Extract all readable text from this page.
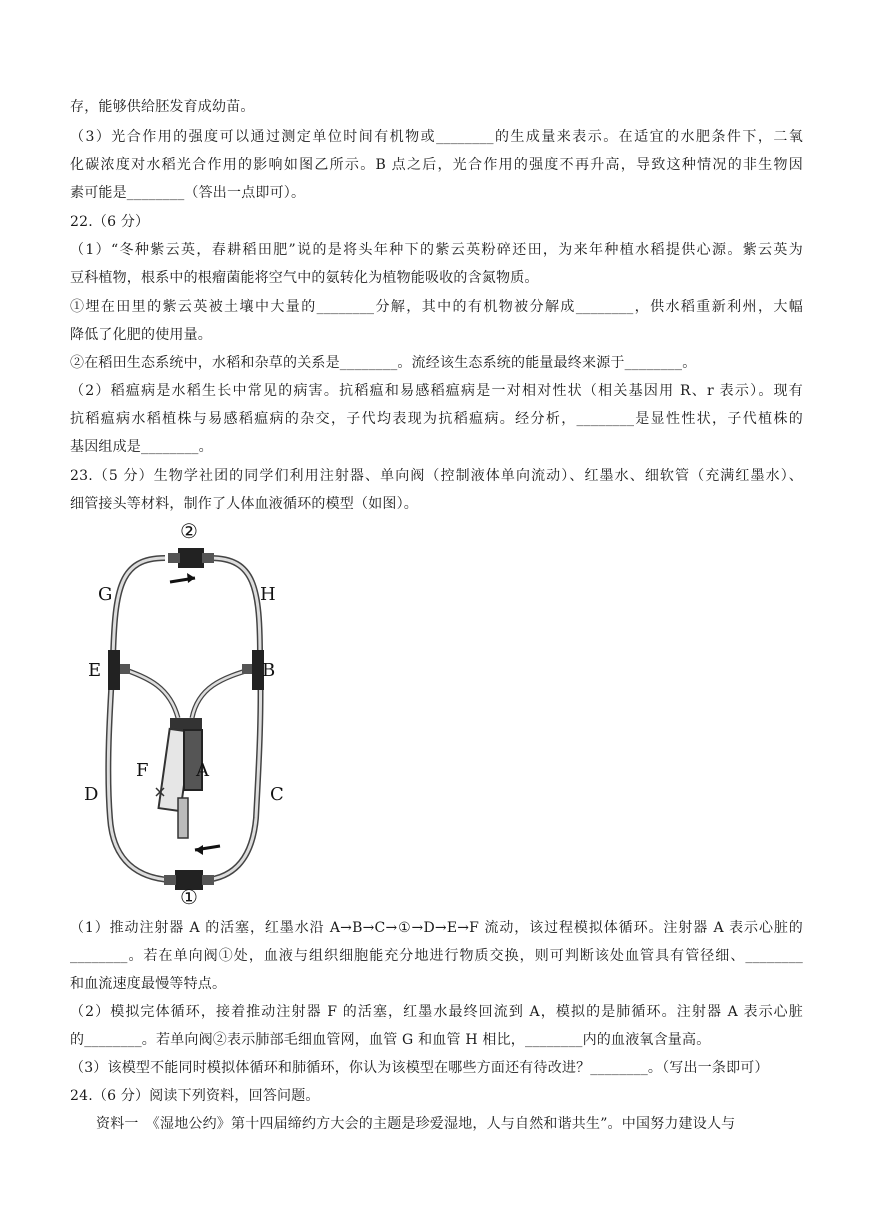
存，能够供给胚发育成幼苗。
（3）光合作用的强度可以通过测定单位时间有机物或________的生成量来表示。在适宜的水肥条件下，二氧
化碳浓度对水稻光合作用的影响如图乙所示。B 点之后，光合作用的强度不再升高，导致这种情况的非生物因
素可能是________（答出一点即可）。
22.（6 分）
（1）“冬种紫云英，春耕稻田肥”说的是将头年种下的紫云英粉碎还田，为来年种植水稻提供心源。紫云英为
豆科植物，根系中的根瘤菌能将空气中的氨转化为植物能吸收的含氮物质。
①埋在田里的紫云英被土壤中大量的________分解，其中的有机物被分解成________，供水稻重新利州，大幅
降低了化肥的使用量。
②在稻田生态系统中，水稻和杂草的关系是________。流经该生态系统的能量最终来源于________。
（2）稻瘟病是水稻生长中常见的病害。抗稻瘟和易感稻瘟病是一对相对性状（相关基因用 R、r 表示）。现有
抗稻瘟病水稻植株与易感稻瘟病的杂交，子代均表现为抗稻瘟病。经分析，________是显性性状，子代植株的
基因组成是________。
23.（5 分）生物学社团的同学们利用注射器、单向阀（控制液体单向流动）、红墨水、细软管（充满红墨水）、
细管接头等材料，制作了人体血液循环的模型（如图）。
②
①
G	H
E	B
F	A
D	C
（1）推动注射器 A 的活塞，红墨水沿 A→B→C→①→D→E→F 流动，该过程模拟体循环。注射器 A 表示心脏的
________。若在单向阀①处，血液与组织细胞能充分地进行物质交换，则可判断该处血管具有管径细、________
和血流速度最慢等特点。
（2）模拟完体循环，接着推动注射器 F 的活塞，红墨水最终回流到 A，模拟的是肺循环。注射器 A 表示心脏
的________。若单向阀②表示肺部毛细血管网，血管 G 和血管 H 相比，________内的血液氧含量高。
（3）该模型不能同时模拟体循环和肺循环，你认为该模型在哪些方面还有待改进？________。（写出一条即可）
24.（6 分）阅读下列资料，回答问题。
资料一　《湿地公约》第十四届缔约方大会的主题是珍爱湿地，人与自然和谐共生”。中国努力建设人与
